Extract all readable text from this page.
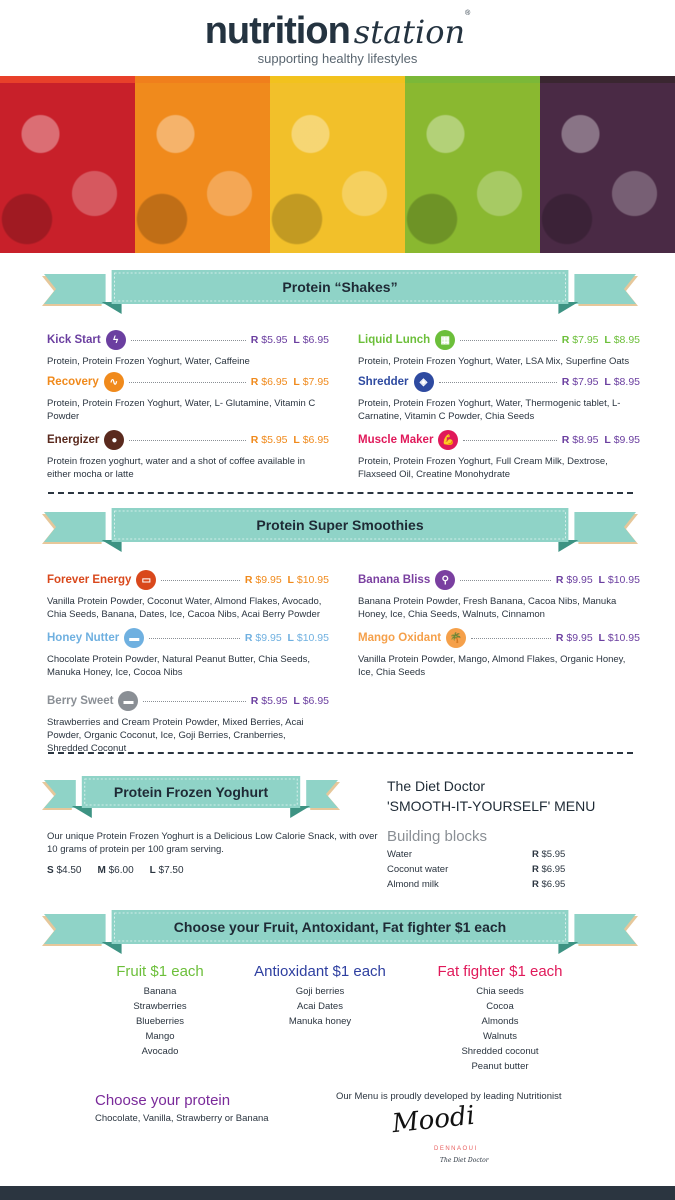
nutrition station®
supporting healthy lifestyles
Protein “Shakes”
Protein Super Smoothies
Protein Frozen Yoghurt
Choose your Fruit, Antoxidant, Fat fighter $1 each
Kick Start	ϟ	R $5.95 L $6.95
Protein, Protein Frozen Yoghurt, Water, Caffeine
Recovery	∿	R $6.95 L $7.95
Protein, Protein Frozen Yoghurt, Water, L- Glutamine, Vitamin C Powder
Energizer	●	R $5.95 L $6.95
Protein frozen yoghurt, water and a shot of coffee available in either mocha or latte
Liquid Lunch	▦	R $7.95 L $8.95
Protein, Protein Frozen Yoghurt, Water, LSA Mix, Superfine Oats
Shredder	◈	R $7.95 L $8.95
Protein, Protein Frozen Yoghurt, Water, Thermogenic tablet, L-Carnatine, Vitamin C Powder, Chia Seeds
Muscle Maker 💪	R $8.95 L $9.95
Protein, Protein Frozen Yoghurt, Full Cream Milk, Dextrose, Flaxseed Oil, Creatine Monohydrate
Forever Energy	▭	R $9.95 L $10.95
Vanilla Protein Powder, Coconut Water, Almond Flakes, Avocado, Chia Seeds, Banana, Dates, Ice, Cacoa Nibs, Acai Berry Powder
Honey Nutter	▬	R $9.95 L $10.95
Chocolate Protein Powder, Natural Peanut Butter, Chia Seeds, Manuka Honey, Ice, Cocoa Nibs
Berry Sweet	▬	R $5.95 L $6.95
Strawberries and Cream Protein Powder, Mixed Berries, Acai Powder, Organic Coconut, Ice, Goji Berries, Cranberries, Shredded Coconut
Banana Bliss	⚲	R $9.95 L $10.95
Banana Protein Powder, Fresh Banana, Cacoa Nibs, Manuka Honey, Ice, Chia Seeds, Walnuts, Cinnamon
Mango Oxidant 🌴	R $9.95 L $10.95
Vanilla Protein Powder, Mango, Almond Flakes, Organic Honey, Ice, Chia Seeds
Our unique Protein Frozen Yoghurt is a Delicious Low Calorie Snack, with over 10 grams of protein per 100 gram serving.
S $4.50 M $6.00 L $7.50
The Diet Doctor
'SMOOTH-IT-YOURSELF' MENU
Building blocks
Water	R $5.95
Coconut water	R $6.95
Almond milk	R $6.95
Fruit $1 each
Banana
Strawberries
Blueberries
Mango
Avocado
Antioxidant $1 each
Goji berries
Acai Dates
Manuka honey
Fat fighter $1 each
Chia seeds
Cocoa
Almonds
Walnuts
Shredded coconut
Peanut butter
Choose your protein
Chocolate, Vanilla, Strawberry or Banana
Our Menu is proudly developed by leading Nutritionist
Moodi
DENNAOUI
The Diet Doctor
